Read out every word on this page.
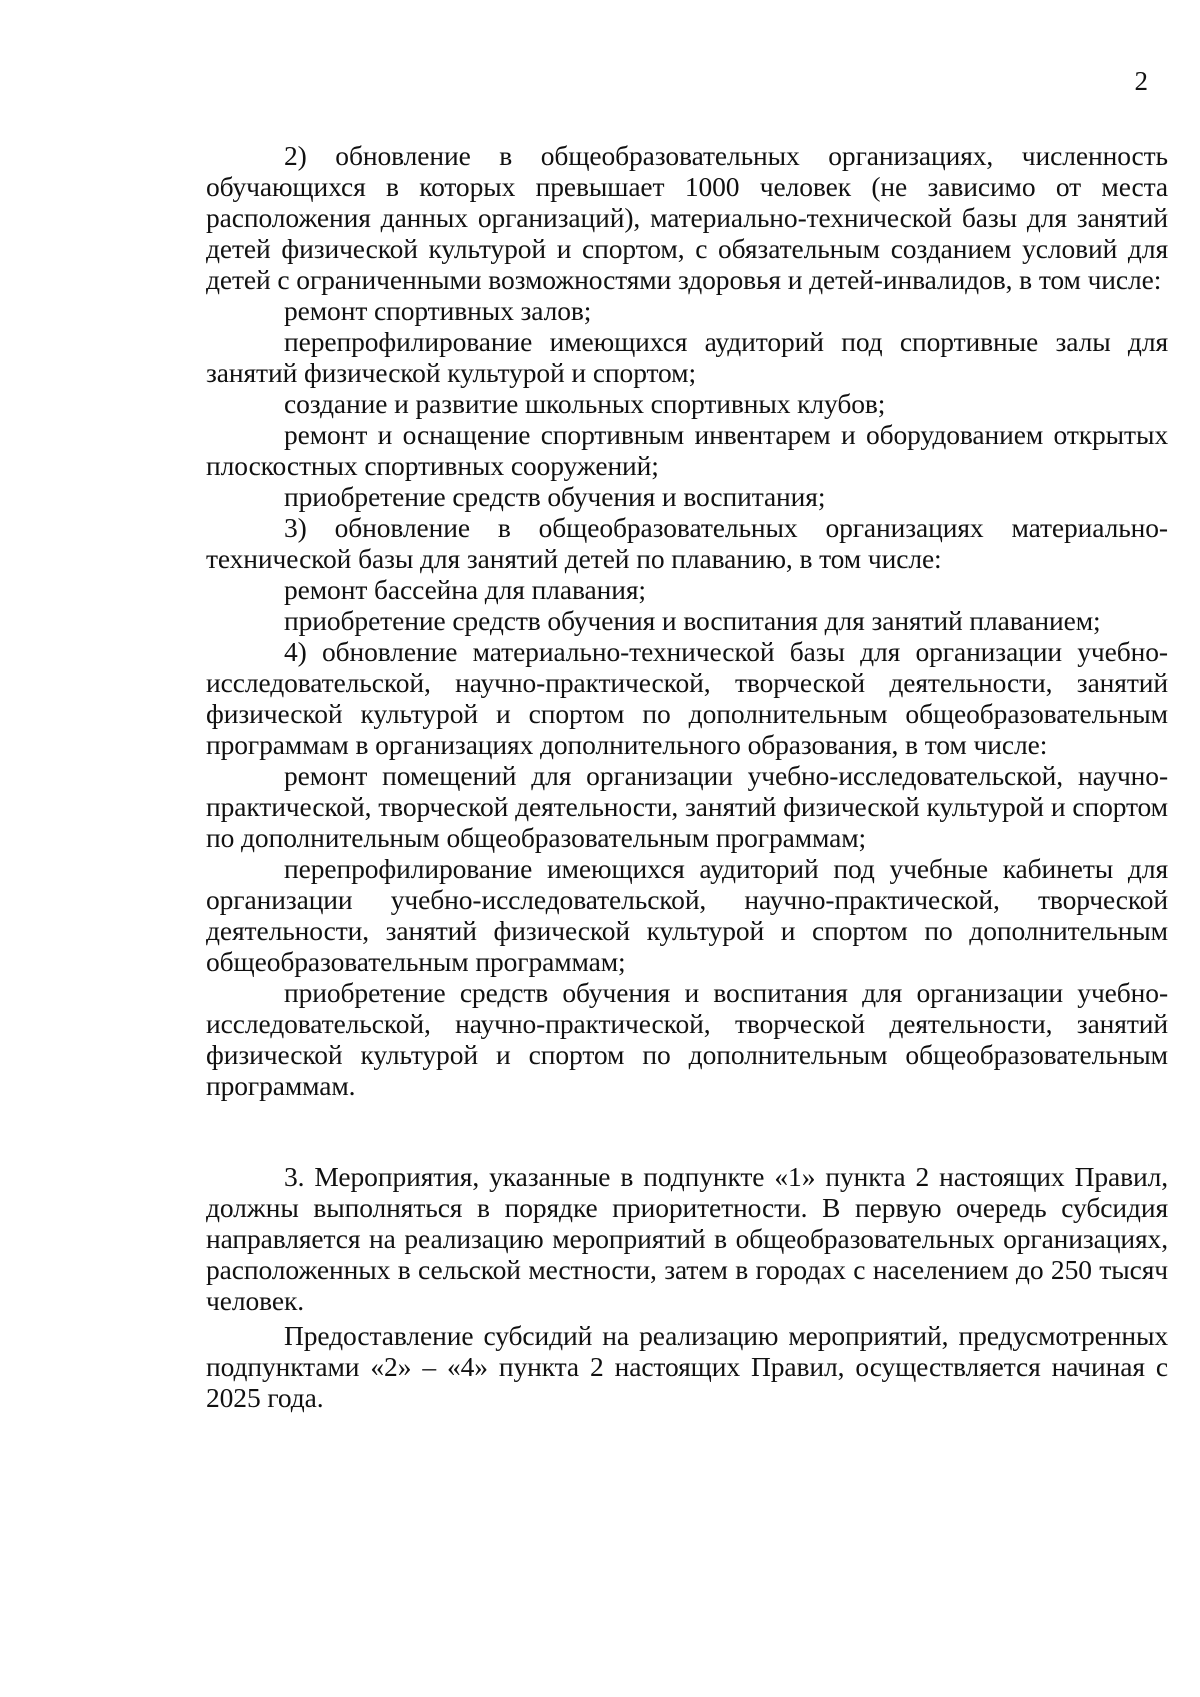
2

2) обновление в общеобразовательных организациях, численность обучающихся в которых превышает 1000 человек (не зависимо от места расположения данных организаций), материально-технической базы для занятий детей физической культурой и спортом, с обязательным созданием условий для детей с ограниченными возможностями здоровья и детей-инвалидов, в том числе:

ремонт спортивных залов;

перепрофилирование имеющихся аудиторий под спортивные залы для занятий физической культурой и спортом;

создание и развитие школьных спортивных клубов;

ремонт и оснащение спортивным инвентарем и оборудованием открытых плоскостных спортивных сооружений;

приобретение средств обучения и воспитания;

3) обновление в общеобразовательных организациях материально-технической базы для занятий детей по плаванию, в том числе:

ремонт бассейна для плавания;

приобретение средств обучения и воспитания для занятий плаванием;

4) обновление материально-технической базы для организации учебно-исследовательской, научно-практической, творческой деятельности, занятий физической культурой и спортом по дополнительным общеобразовательным программам в организациях дополнительного образования, в том числе:

ремонт помещений для организации учебно-исследовательской, научно-практической, творческой деятельности, занятий физической культурой и спортом по дополнительным общеобразовательным программам;

перепрофилирование имеющихся аудиторий под учебные кабинеты для организации учебно-исследовательской, научно-практической, творческой деятельности, занятий физической культурой и спортом по дополнительным общеобразовательным программам;

приобретение средств обучения и воспитания для организации учебно-исследовательской, научно-практической, творческой деятельности, занятий физической культурой и спортом по дополнительным общеобразовательным программам.

3. Мероприятия, указанные в подпункте «1» пункта 2 настоящих Правил, должны выполняться в порядке приоритетности. В первую очередь субсидия направляется на реализацию мероприятий в общеобразовательных организациях, расположенных в сельской местности, затем в городах с населением до 250 тысяч человек.

Предоставление субсидий на реализацию мероприятий, предусмотренных подпунктами «2» – «4» пункта 2 настоящих Правил, осуществляется начиная с 2025 года.
